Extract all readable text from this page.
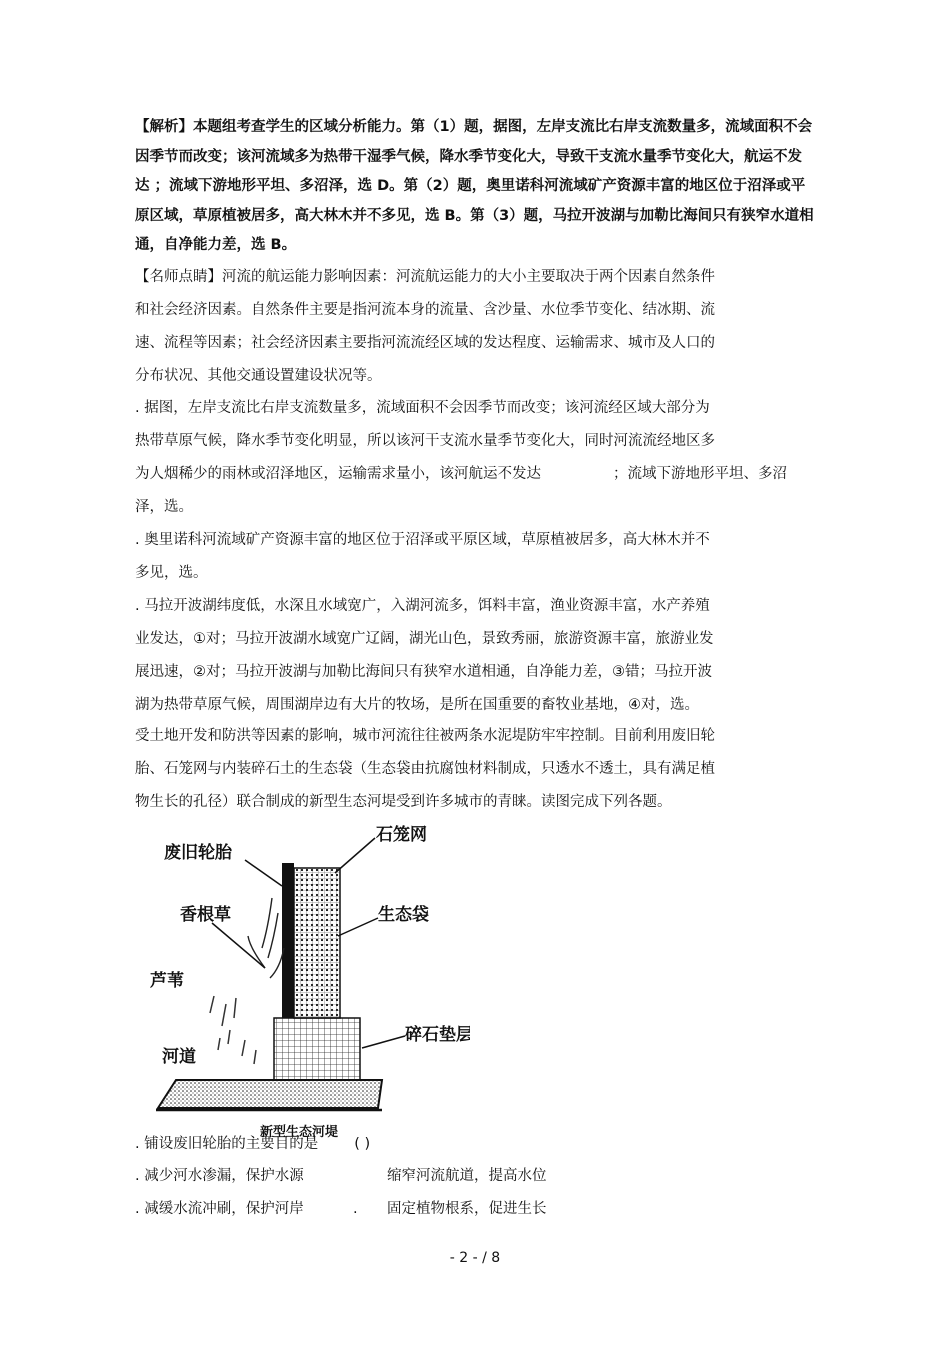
【解析】本题组考查学生的区域分析能力。第（1）题，据图，左岸支流比右岸支流数量多，流域面积不会
因季节而改变；该河流域多为热带干湿季气候，降水季节变化大，导致干支流水量季节变化大，航运不发
达 ；流域下游地形平坦、多沼泽，选 D。第（2）题，奥里诺科河流域矿产资源丰富的地区位于沼泽或平
原区域，草原植被居多，高大林木并不多见，选 B。第（3）题，马拉开波湖与加勒比海间只有狭窄水道相
通，自净能力差，选 B。
【名师点睛】河流的航运能力影响因素：河流航运能力的大小主要取决于两个因素自然条件
和社会经济因素。自然条件主要是指河流本身的流量、含沙量、水位季节变化、结冰期、流
速、流程等因素；社会经济因素主要指河流流经区域的发达程度、运输需求、城市及人口的
分布状况、其他交通设置建设状况等。
. 据图，左岸支流比右岸支流数量多，流域面积不会因季节而改变；该河流经区域大部分为
热带草原气候，降水季节变化明显，所以该河干支流水量季节变化大，同时河流流经地区多
为人烟稀少的雨林或沼泽地区，运输需求量小，该河航运不发达	；流域下游地形平坦、多沼
泽，选。
. 奥里诺科河流域矿产资源丰富的地区位于沼泽或平原区域，草原植被居多，高大林木并不
多见，选。
. 马拉开波湖纬度低，水深且水域宽广，入湖河流多，饵料丰富，渔业资源丰富，水产养殖
业发达，①对；马拉开波湖水域宽广辽阔，湖光山色，景致秀丽，旅游资源丰富，旅游业发
展迅速，②对；马拉开波湖与加勒比海间只有狭窄水道相通，自净能力差，③错；马拉开波
湖为热带草原气候，周围湖岸边有大片的牧场，是所在国重要的畜牧业基地，④对，选。
受土地开发和防洪等因素的影响，城市河流往往被两条水泥堤防牢牢控制。目前利用废旧轮
胎、石笼网与内装碎石土的生态袋（生态袋由抗腐蚀材料制成，只透水不透土，具有满足植
物生长的孔径）联合制成的新型生态河堤受到许多城市的青睐。读图完成下列各题。
废旧轮胎
香根草
芦苇
河道
石笼网
生态袋
碎石垫层
新型生态河堤
. 铺设废旧轮胎的主要目的是 ( )
. 减少河水渗漏，保护水源	缩窄河流航道，提高水位
. 减缓水流冲刷，保护河岸	. 固定植物根系，促进生长
- 2 - / 8
